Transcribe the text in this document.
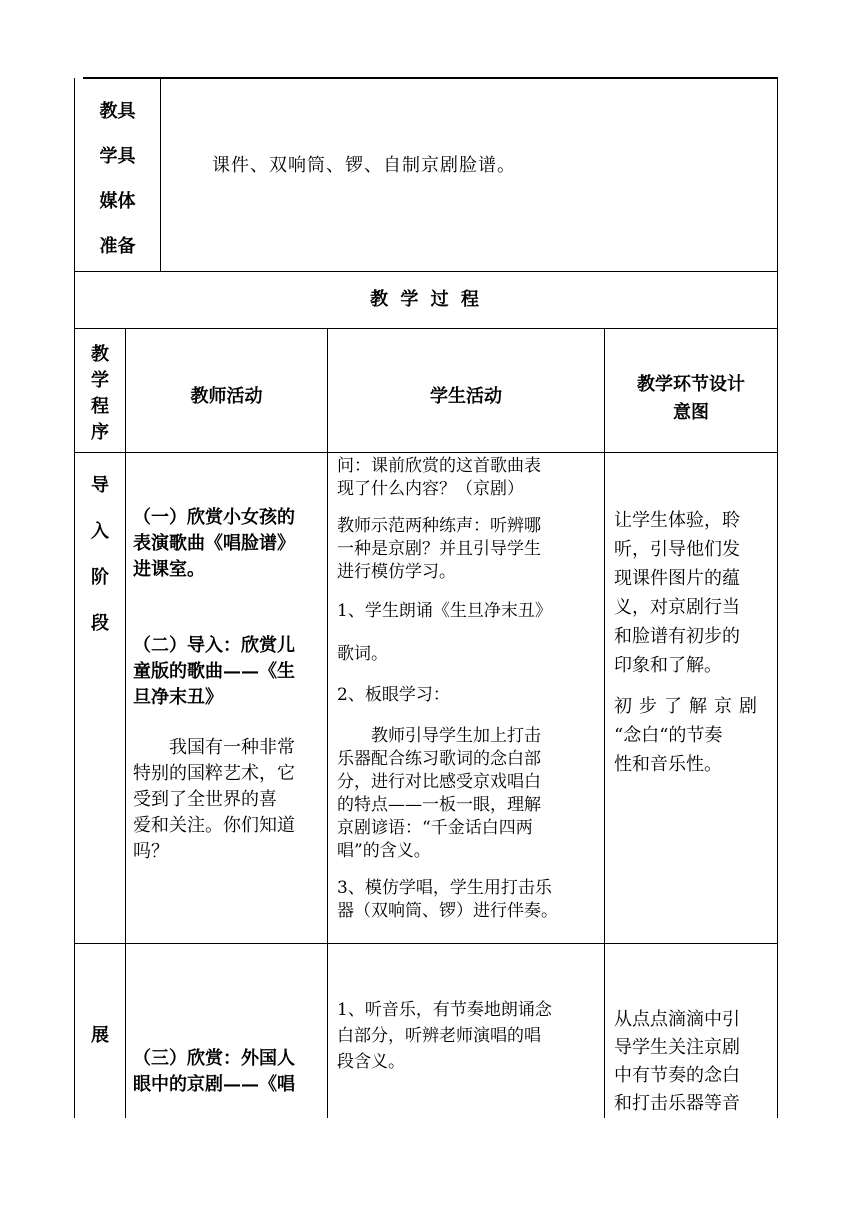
教具

学具

媒体

准备

课件、双响筒、锣、自制京剧脸谱。

教 学 过 程

教

学

程

序

教师活动	学生活动

教学环节设计

意图

导

入

阶

段

（一）欣赏小女孩的

表演歌曲《唱脸谱》

进课室。

（二）导入：欣赏儿

童版的歌曲——《生

旦净末丑》

　　我国有一种非常

特别的国粹艺术，它

受到了全世界的喜

爱和关注。你们知道

吗？

问：课前欣赏的这首歌曲表

现了什么内容？（京剧）

教师示范两种练声：听辨哪

一种是京剧？并且引导学生

进行模仿学习。

1、学生朗诵《生旦净末丑》

歌词。

2、板眼学习：

　　教师引导学生加上打击

乐器配合练习歌词的念白部

分，进行对比感受京戏唱白

的特点——一板一眼，理解

京剧谚语：“千金话白四两

唱”的含义。

3、模仿学唱，学生用打击乐

器（双响筒、锣）进行伴奏。

让学生体验，聆

听，引导他们发

现课件图片的蕴

义，对京剧行当

和脸谱有初步的

印象和了解。

初步了解京剧

“念白“的节奏

性和音乐性。

展

（三）欣赏：外国人

眼中的京剧——《唱

1、听音乐，有节奏地朗诵念

白部分，听辨老师演唱的唱

段含义。

从点点滴滴中引

导学生关注京剧

中有节奏的念白

和打击乐器等音
